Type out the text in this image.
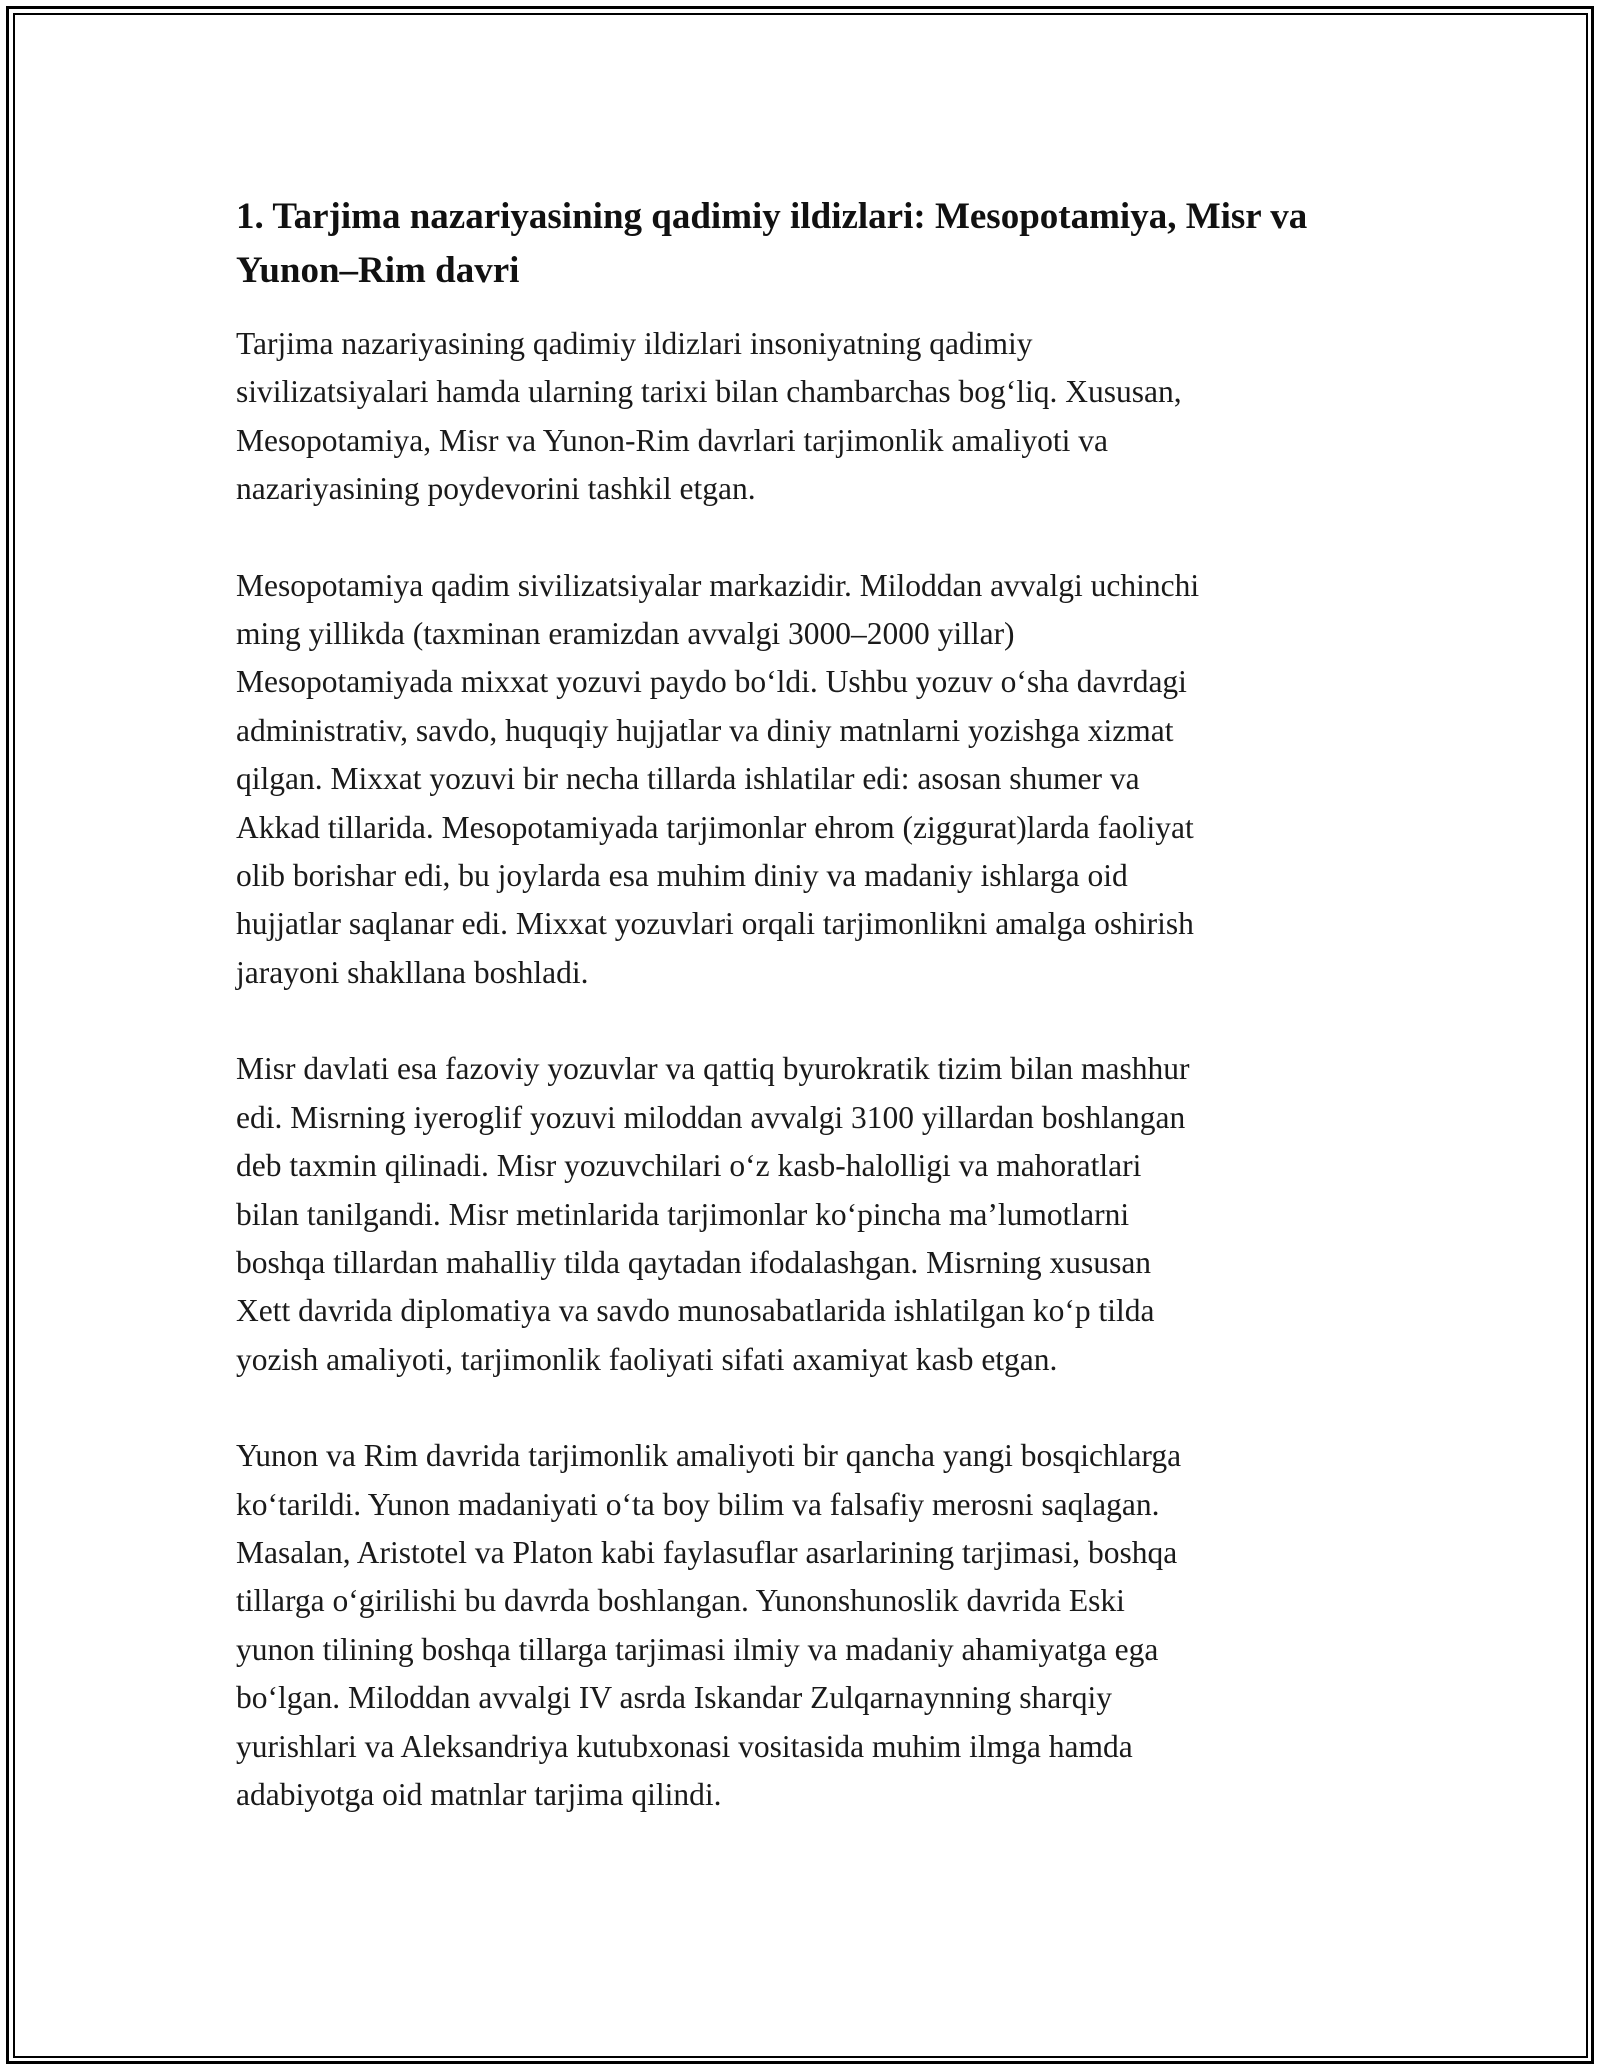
1. Tarjima nazariyasining qadimiy ildizlari: Mesopotamiya, Misr va Yunon–Rim davri
Tarjima nazariyasining qadimiy ildizlari insoniyatning qadimiy
sivilizatsiyalari hamda ularning tarixi bilan chambarchas bog‘liq. Xususan,
Mesopotamiya, Misr va Yunon-Rim davrlari tarjimonlik amaliyoti va
nazariyasining poydevorini tashkil etgan.
Mesopotamiya qadim sivilizatsiyalar markazidir. Miloddan avvalgi uchinchi
ming yillikda (taxminan eramizdan avvalgi 3000–2000 yillar)
Mesopotamiyada mixxat yozuvi paydo bo‘ldi. Ushbu yozuv o‘sha davrdagi
administrativ, savdo, huquqiy hujjatlar va diniy matnlarni yozishga xizmat
qilgan. Mixxat yozuvi bir necha tillarda ishlatilar edi: asosan shumer va
Akkad tillarida. Mesopotamiyada tarjimonlar ehrom (ziggurat)larda faoliyat
olib borishar edi, bu joylarda esa muhim diniy va madaniy ishlarga oid
hujjatlar saqlanar edi. Mixxat yozuvlari orqali tarjimonlikni amalga oshirish
jarayoni shakllana boshladi.
Misr davlati esa fazoviy yozuvlar va qattiq byurokratik tizim bilan mashhur
edi. Misrning iyeroglif yozuvi miloddan avvalgi 3100 yillardan boshlangan
deb taxmin qilinadi. Misr yozuvchilari o‘z kasb-halolligi va mahoratlari
bilan tanilgandi. Misr metinlarida tarjimonlar ko‘pincha ma’lumotlarni
boshqa tillardan mahalliy tilda qaytadan ifodalashgan. Misrning xususan
Xett davrida diplomatiya va savdo munosabatlarida ishlatilgan ko‘p tilda
yozish amaliyoti, tarjimonlik faoliyati sifati axamiyat kasb etgan.
Yunon va Rim davrida tarjimonlik amaliyoti bir qancha yangi bosqichlarga
ko‘tarildi. Yunon madaniyati o‘ta boy bilim va falsafiy merosni saqlagan.
Masalan, Aristotel va Platon kabi faylasuflar asarlarining tarjimasi, boshqa
tillarga o‘girilishi bu davrda boshlangan. Yunonshunoslik davrida Eski
yunon tilining boshqa tillarga tarjimasi ilmiy va madaniy ahamiyatga ega
bo‘lgan. Miloddan avvalgi IV asrda Iskandar Zulqarnaynning sharqiy
yurishlari va Aleksandriya kutubxonasi vositasida muhim ilmga hamda
adabiyotga oid matnlar tarjima qilindi.
